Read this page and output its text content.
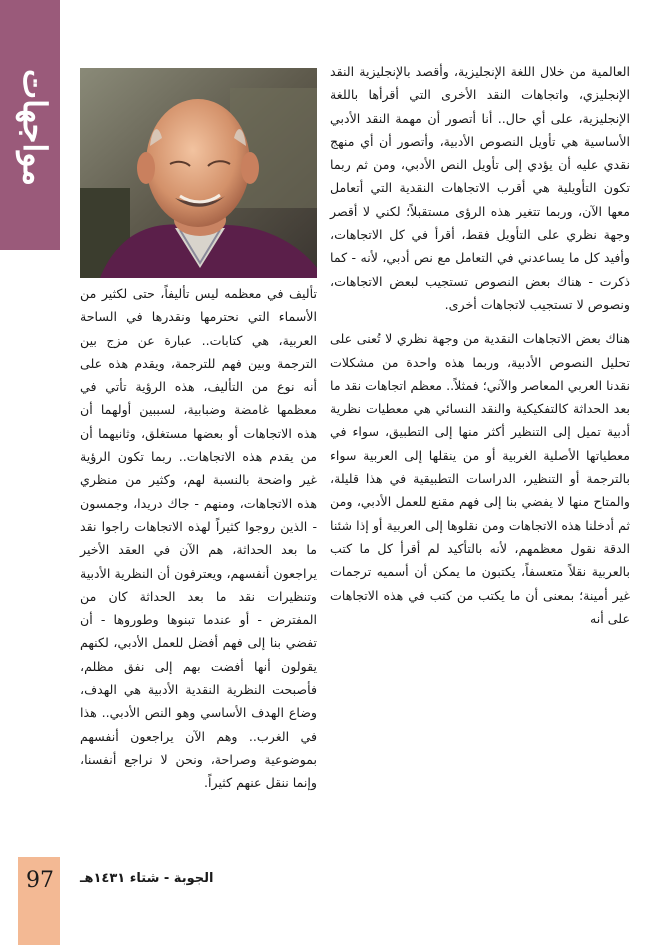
مواجهات	العالمية من خلال اللغة الإنجليزية، وأقصد بالإنجليزية النقد الإنجليزي، واتجاهات النقد الأخرى التي أقرأها باللغة الإنجليزية، على أي حال.. أنا أتصور أن مهمة النقد الأدبي الأساسية هي تأويل النصوص الأدبية، وأتصور أن أي منهج نقدي عليه أن يؤدي إلى تأويل النص الأدبي، ومن ثم ربما تكون التأويلية هي أقرب الاتجاهات النقدية التي أتعامل معها الآن، وربما تتغير هذه الرؤى مستقبلاً؛ لكني لا أقصر وجهة نظري على التأويل فقط، أقرأ في كل الاتجاهات، وأفيد كل ما يساعدني في التعامل مع نص أدبي، لأنه - كما ذكرت - هناك بعض النصوص تستجيب لبعض الاتجاهات، ونصوص لا تستجيب لاتجاهات أخرى.

هناك بعض الاتجاهات النقدية من وجهة نظري لا تُعنى على تحليل النصوص الأدبية، وربما هذه واحدة من مشكلات نقدنا العربي المعاصر والآني؛ فمثلاً.. معظم اتجاهات نقد ما بعد الحداثة كالتفكيكية والنقد النسائي هي معطيات نظرية أدبية تميل إلى التنظير أكثر منها إلى التطبيق، سواء في معطياتها الأصلية الغربية أو من ينقلها إلى العربية سواء بالترجمة أو التنظير، الدراسات التطبيقية في هذا قليلة، والمتاح منها لا يفضي بنا إلى فهم مقنع للعمل الأدبي، ومن ثم أدخلنا هذه الاتجاهات ومن نقلوها إلى العربية أو إذا شئنا الدقة نقول معظمهم، لأنه بالتأكيد لم أقرأ كل ما كتب بالعربية نقلاً متعسفاً، يكتبون ما يمكن أن أسميه ترجمات غير أمينة؛ بمعنى أن ما يكتب من كتب في هذه الاتجاهات على أنه

تأليف في معظمه ليس تأليفاً، حتى لكثير من الأسماء التي نحترمها ونقدرها في الساحة العربية، هي كتابات.. عبارة عن مزج بين الترجمة وبين فهم للترجمة، ويقدم هذه على أنه نوع من التأليف، هذه الرؤية تأتي في معظمها غامضة وضبابية، لسببين أولهما أن هذه الاتجاهات أو بعضها مستغلق، وثانيهما أن من يقدم هذه الاتجاهات.. ربما تكون الرؤية غير واضحة بالنسبة لهم، وكثير من منظري هذه الاتجاهات، ومنهم - جاك دريدا، وجمسون - الذين روجوا كثيراً لهذه الاتجاهات راجوا نقد ما بعد الحداثة، هم الآن في العقد الأخير يراجعون أنفسهم، ويعترفون أن النظرية الأدبية وتنظيرات نقد ما بعد الحداثة كان من المفترض - أو عندما تبنوها وطوروها - أن تفضي بنا إلى فهم أفضل للعمل الأدبي، لكنهم يقولون أنها أفضت بهم إلى نفق مظلم، فأصبحت النظرية النقدية الأدبية هي الهدف، وضاع الهدف الأساسي وهو النص الأدبي.. هذا في الغرب.. وهم الآن يراجعون أنفسهم بموضوعية وصراحة، ونحن لا نراجع أنفسنا، وإنما ننقل عنهم كثيراً.

97	الجوبة - شتاء ١٤٣١هـ
